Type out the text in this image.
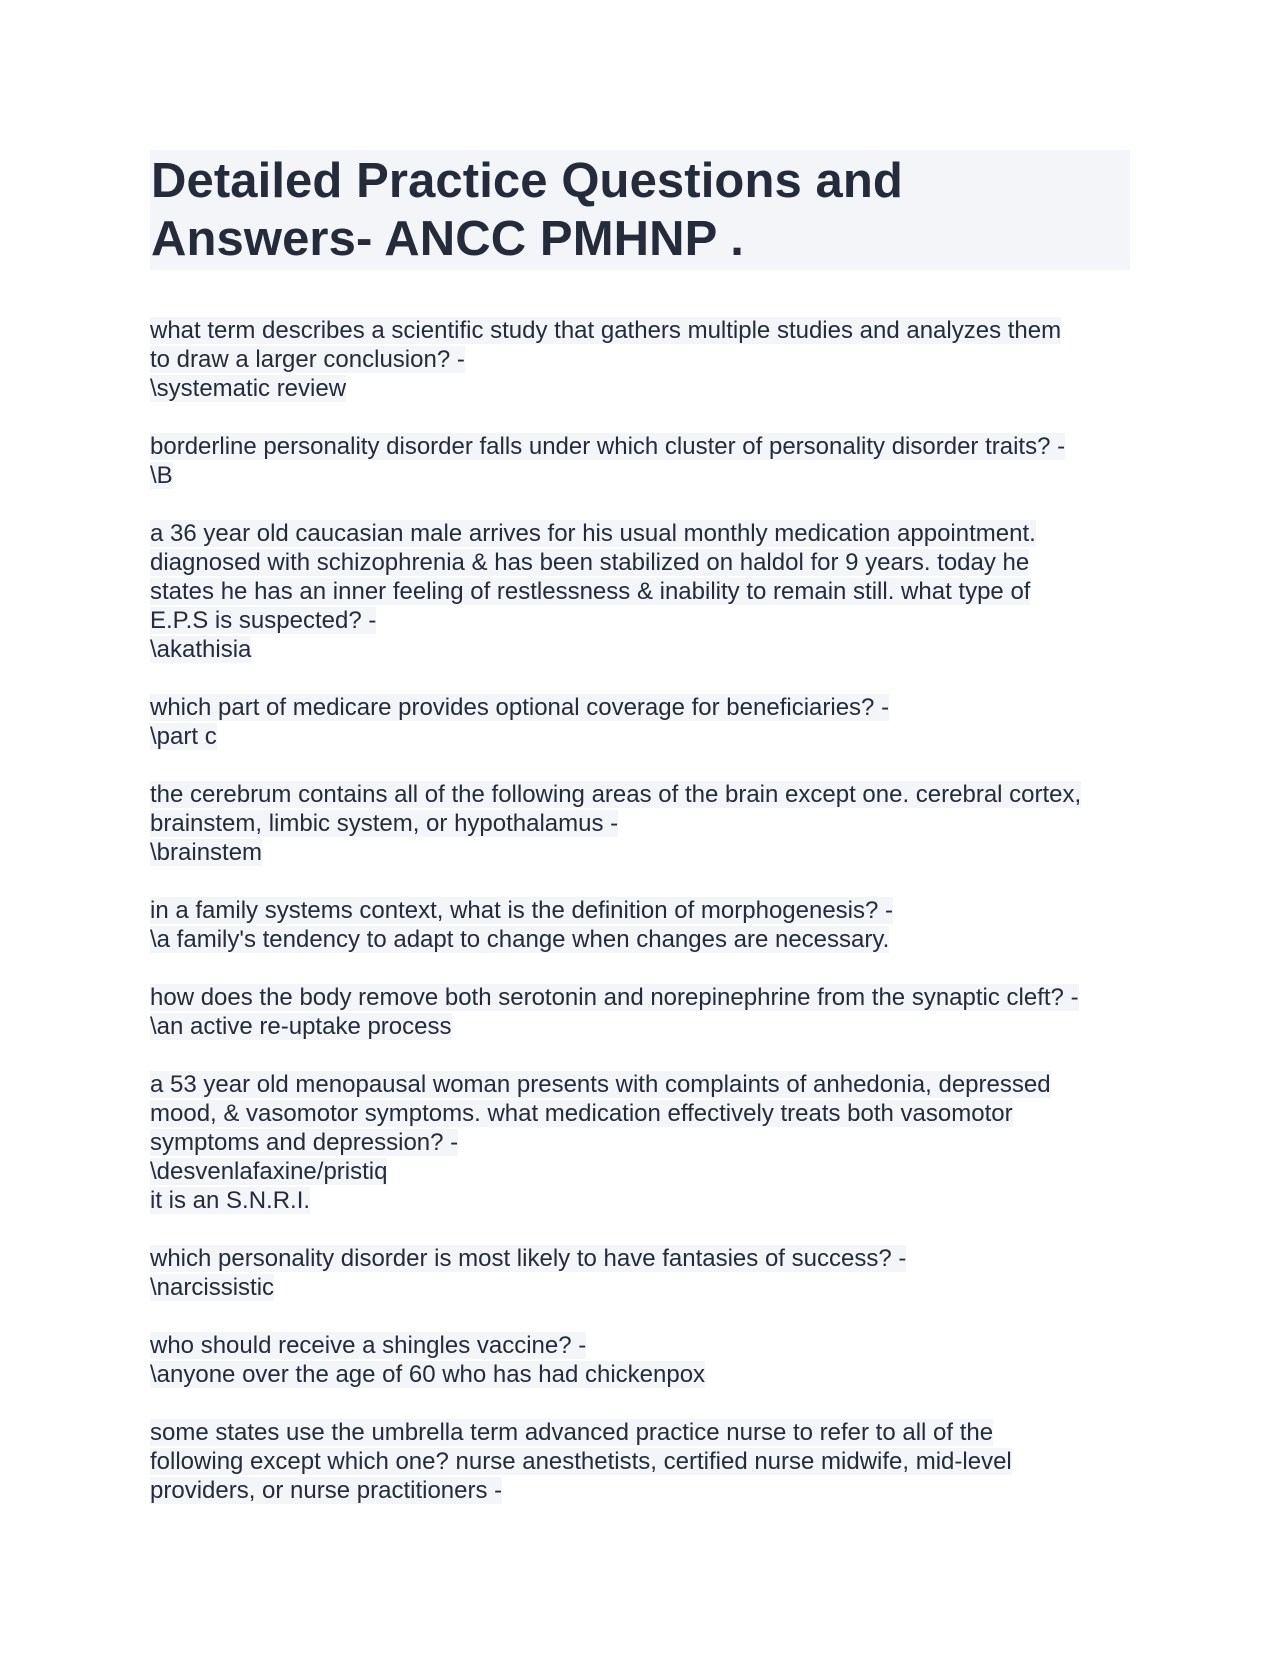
Detailed Practice Questions and
Answers- ANCC PMHNP .
what term describes a scientific study that gathers multiple studies and analyzes them
to draw a larger conclusion? -
\systematic review
borderline personality disorder falls under which cluster of personality disorder traits? -
\B
a 36 year old caucasian male arrives for his usual monthly medication appointment.
diagnosed with schizophrenia & has been stabilized on haldol for 9 years. today he
states he has an inner feeling of restlessness & inability to remain still. what type of
E.P.S is suspected? -
\akathisia
which part of medicare provides optional coverage for beneficiaries? -
\part c
the cerebrum contains all of the following areas of the brain except one. cerebral cortex,
brainstem, limbic system, or hypothalamus -
\brainstem
in a family systems context, what is the definition of morphogenesis? -
\a family's tendency to adapt to change when changes are necessary.
how does the body remove both serotonin and norepinephrine from the synaptic cleft? -
\an active re-uptake process
a 53 year old menopausal woman presents with complaints of anhedonia, depressed
mood, & vasomotor symptoms. what medication effectively treats both vasomotor
symptoms and depression? -
\desvenlafaxine/pristiq
it is an S.N.R.I.
which personality disorder is most likely to have fantasies of success? -
\narcissistic
who should receive a shingles vaccine? -
\anyone over the age of 60 who has had chickenpox
some states use the umbrella term advanced practice nurse to refer to all of the
following except which one? nurse anesthetists, certified nurse midwife, mid-level
providers, or nurse practitioners -
